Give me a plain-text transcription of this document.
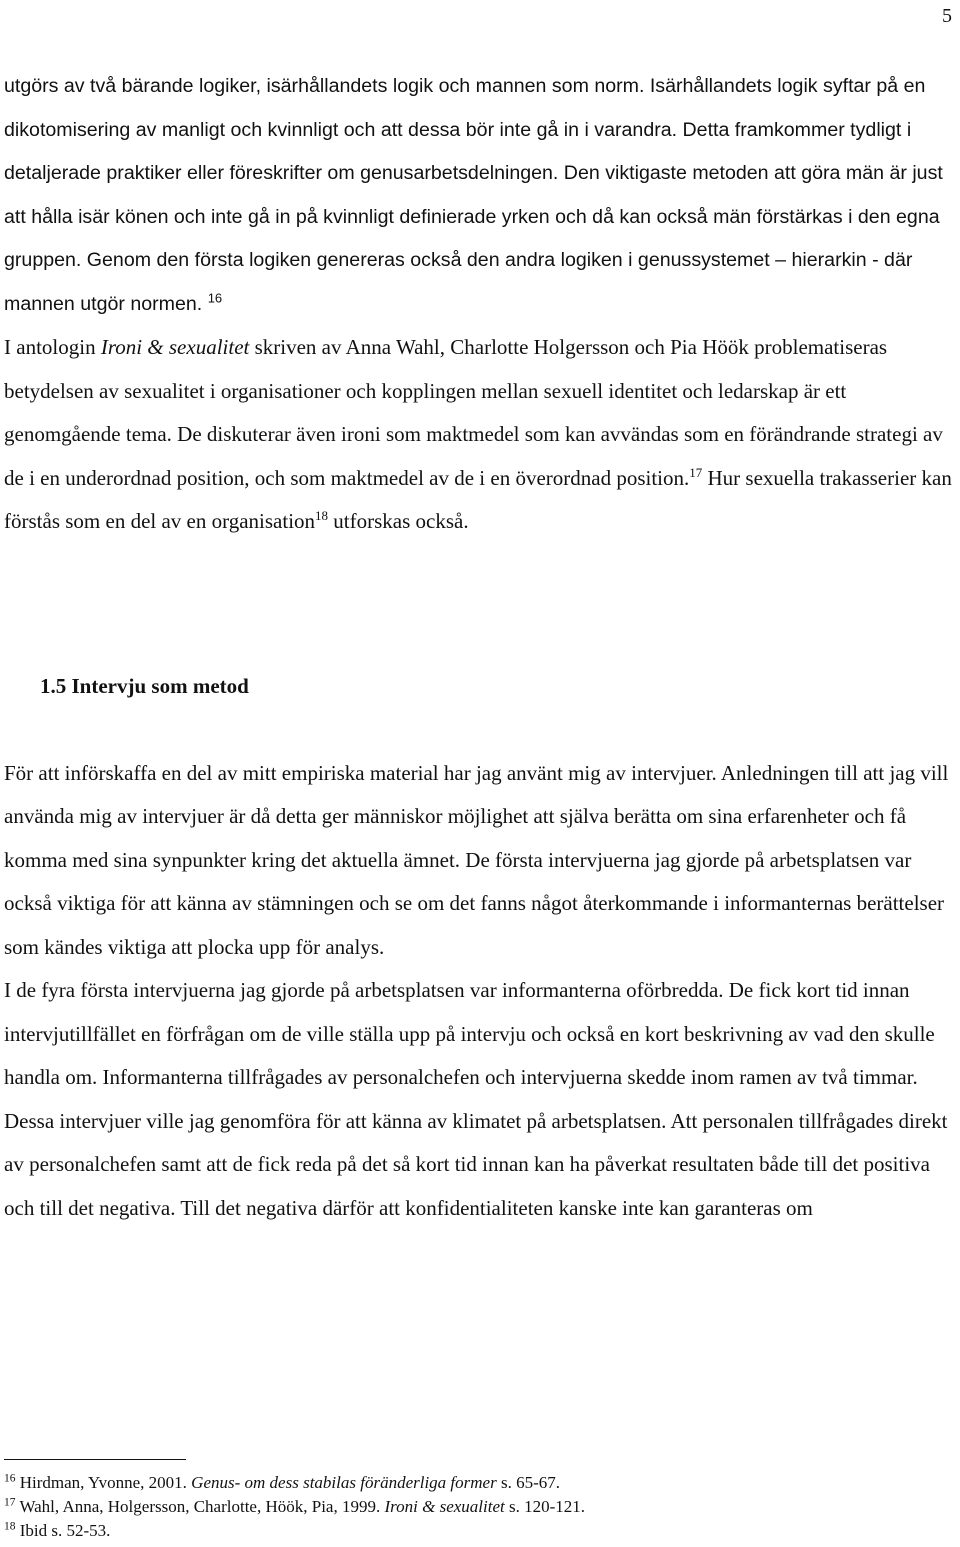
5
utgörs av två bärande logiker, isärhållandets logik och mannen som norm. Isärhållandets logik syftar på en dikotomisering av manligt och kvinnligt och att dessa bör inte gå in i varandra. Detta framkommer tydligt i detaljerade praktiker eller föreskrifter om genusarbetsdelningen. Den viktigaste metoden att göra män är just att hålla isär könen och inte gå in på kvinnligt definierade yrken och då kan också män förstärkas i den egna gruppen. Genom den första logiken genereras också den andra logiken i genussystemet – hierarkin - där mannen utgör normen. $^{16}$
I antologin Ironi & sexualitet skriven av Anna Wahl, Charlotte Holgersson och Pia Höök problematiseras betydelsen av sexualitet i organisationer och kopplingen mellan sexuell identitet och ledarskap är ett genomgående tema. De diskuterar även ironi som maktmedel som kan avvändas som en förändrande strategi av de i en underordnad position, och som maktmedel av de i en överordnad position.$^{17}$ Hur sexuella trakasserier kan förstås som en del av en organisation$^{18}$ utforskas också.
1.5 Intervju som metod
För att införskaffa en del av mitt empiriska material har jag använt mig av intervjuer. Anledningen till att jag vill använda mig av intervjuer är då detta ger människor möjlighet att själva berätta om sina erfarenheter och få komma med sina synpunkter kring det aktuella ämnet. De första intervjuerna jag gjorde på arbetsplatsen var också viktiga för att känna av stämningen och se om det fanns något återkommande i informanternas berättelser som kändes viktiga att plocka upp för analys.
I de fyra första intervjuerna jag gjorde på arbetsplatsen var informanterna oförbredda. De fick kort tid innan intervjutillfället en förfrågan om de ville ställa upp på intervju och också en kort beskrivning av vad den skulle handla om. Informanterna tillfrågades av personalchefen och intervjuerna skedde inom ramen av två timmar. Dessa intervjuer ville jag genomföra för att känna av klimatet på arbetsplatsen. Att personalen tillfrågades direkt av personalchefen samt att de fick reda på det så kort tid innan kan ha påverkat resultaten både till det positiva och till det negativa. Till det negativa därför att konfidentialiteten kanske inte kan garanteras om
$^{16}$ Hirdman, Yvonne, 2001. Genus- om dess stabilas föränderliga former s. 65-67.
$^{17}$ Wahl, Anna, Holgersson, Charlotte, Höök, Pia, 1999. Ironi & sexualitet s. 120-121.
$^{18}$ Ibid s. 52-53.
